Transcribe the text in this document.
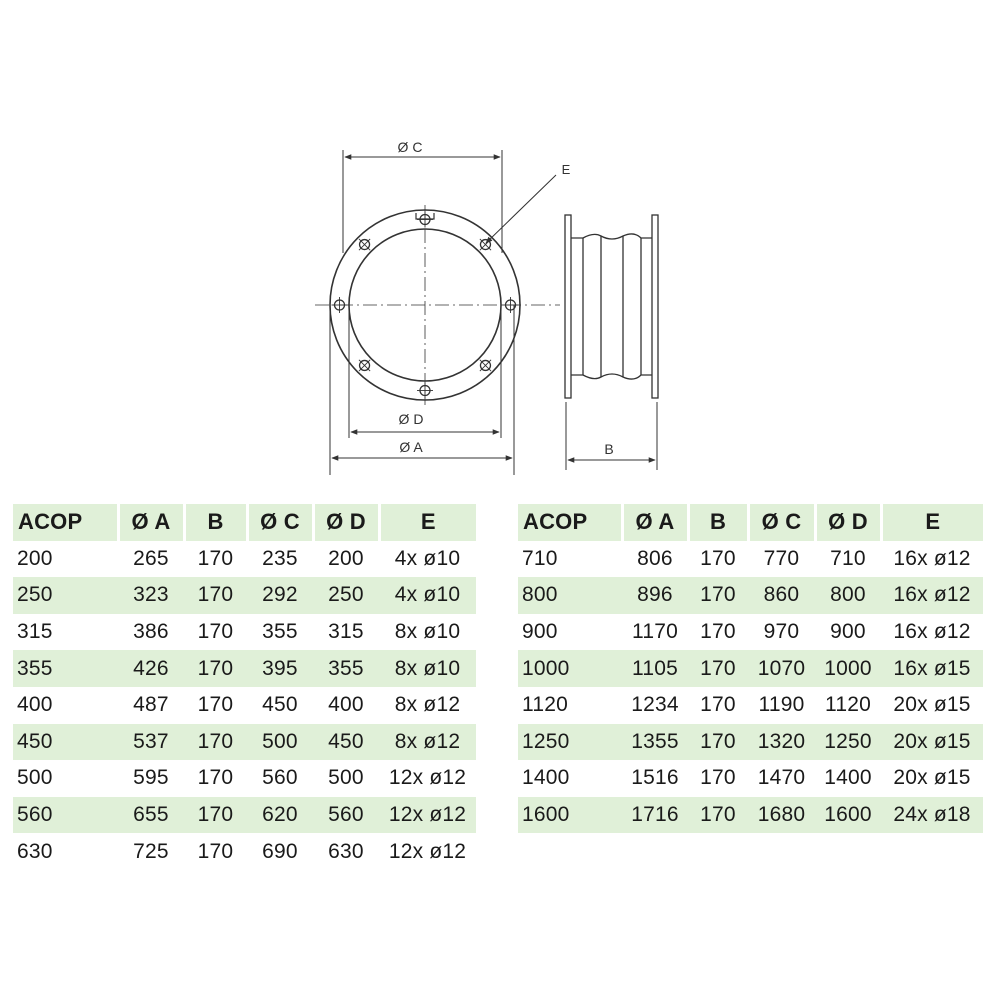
Ø C
Ø D
Ø A
E
B
ACOP	Ø A	B	Ø C	Ø D	E
200	265	170	235	200	4x ø10
250	323	170	292	250	4x ø10
315	386	170	355	315	8x ø10
355	426	170	395	355	8x ø10
400	487	170	450	400	8x ø12
450	537	170	500	450	8x ø12
500	595	170	560	500	12x ø12
560	655	170	620	560	12x ø12
630	725	170	690	630	12x ø12
ACOP	Ø A	B	Ø C	Ø D	E
710	806	170	770	710	16x ø12
800	896	170	860	800	16x ø12
900	1170	170	970	900	16x ø12
1000	1105	170	1070	1000	16x ø15
1120	1234	170	1190	1120	20x ø15
1250	1355	170	1320	1250	20x ø15
1400	1516	170	1470	1400	20x ø15
1600	1716	170	1680	1600	24x ø18
